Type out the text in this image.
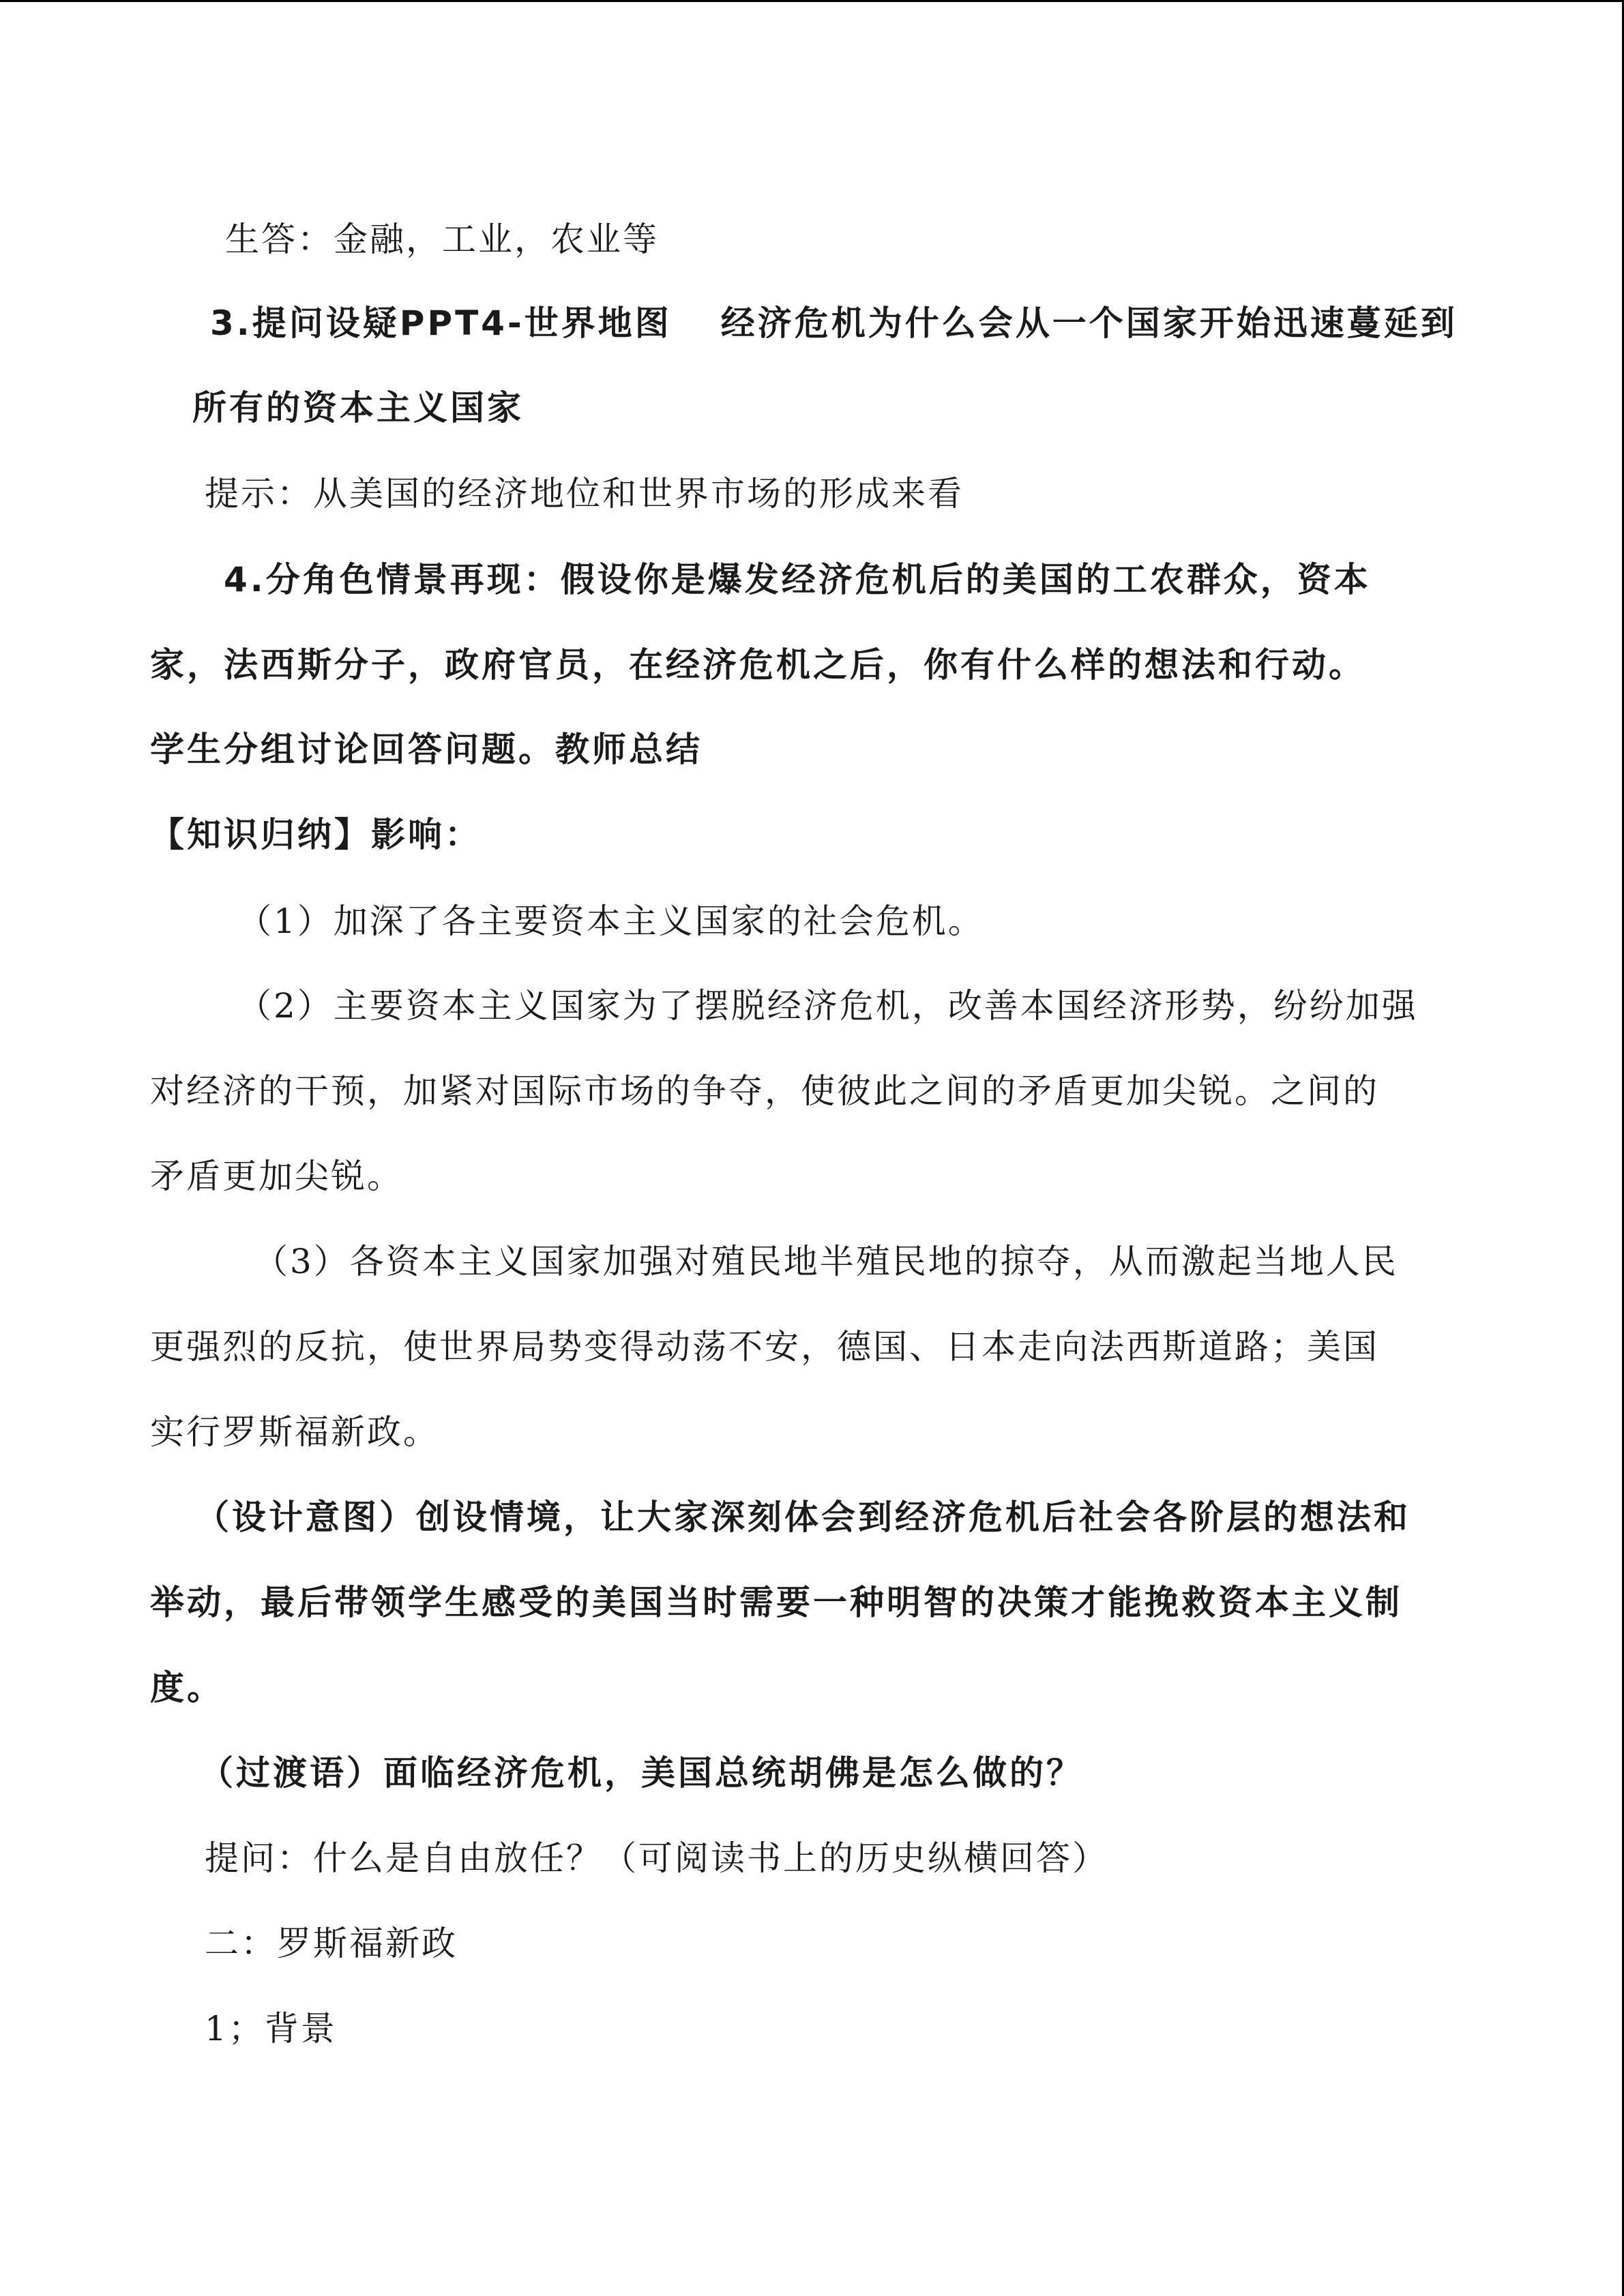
生答：金融，工业，农业等
3.提问设疑PPT4-世界地图 经济危机为什么会从一个国家开始迅速蔓延到
所有的资本主义国家
提示：从美国的经济地位和世界市场的形成来看
4.分角色情景再现：假设你是爆发经济危机后的美国的工农群众，资本
家，法西斯分子，政府官员，在经济危机之后，你有什么样的想法和行动。
学生分组讨论回答问题。教师总结
【知识归纳】影响：
（1）加深了各主要资本主义国家的社会危机。
（2）主要资本主义国家为了摆脱经济危机，改善本国经济形势，纷纷加强
对经济的干预，加紧对国际市场的争夺，使彼此之间的矛盾更加尖锐。之间的
矛盾更加尖锐。
（3）各资本主义国家加强对殖民地半殖民地的掠夺，从而激起当地人民
更强烈的反抗，使世界局势变得动荡不安，德国、日本走向法西斯道路；美国
实行罗斯福新政。
（设计意图）创设情境，让大家深刻体会到经济危机后社会各阶层的想法和
举动，最后带领学生感受的美国当时需要一种明智的决策才能挽救资本主义制
度。
（过渡语）面临经济危机，美国总统胡佛是怎么做的？
提问：什么是自由放任？（可阅读书上的历史纵横回答）
二：罗斯福新政
1；背景
